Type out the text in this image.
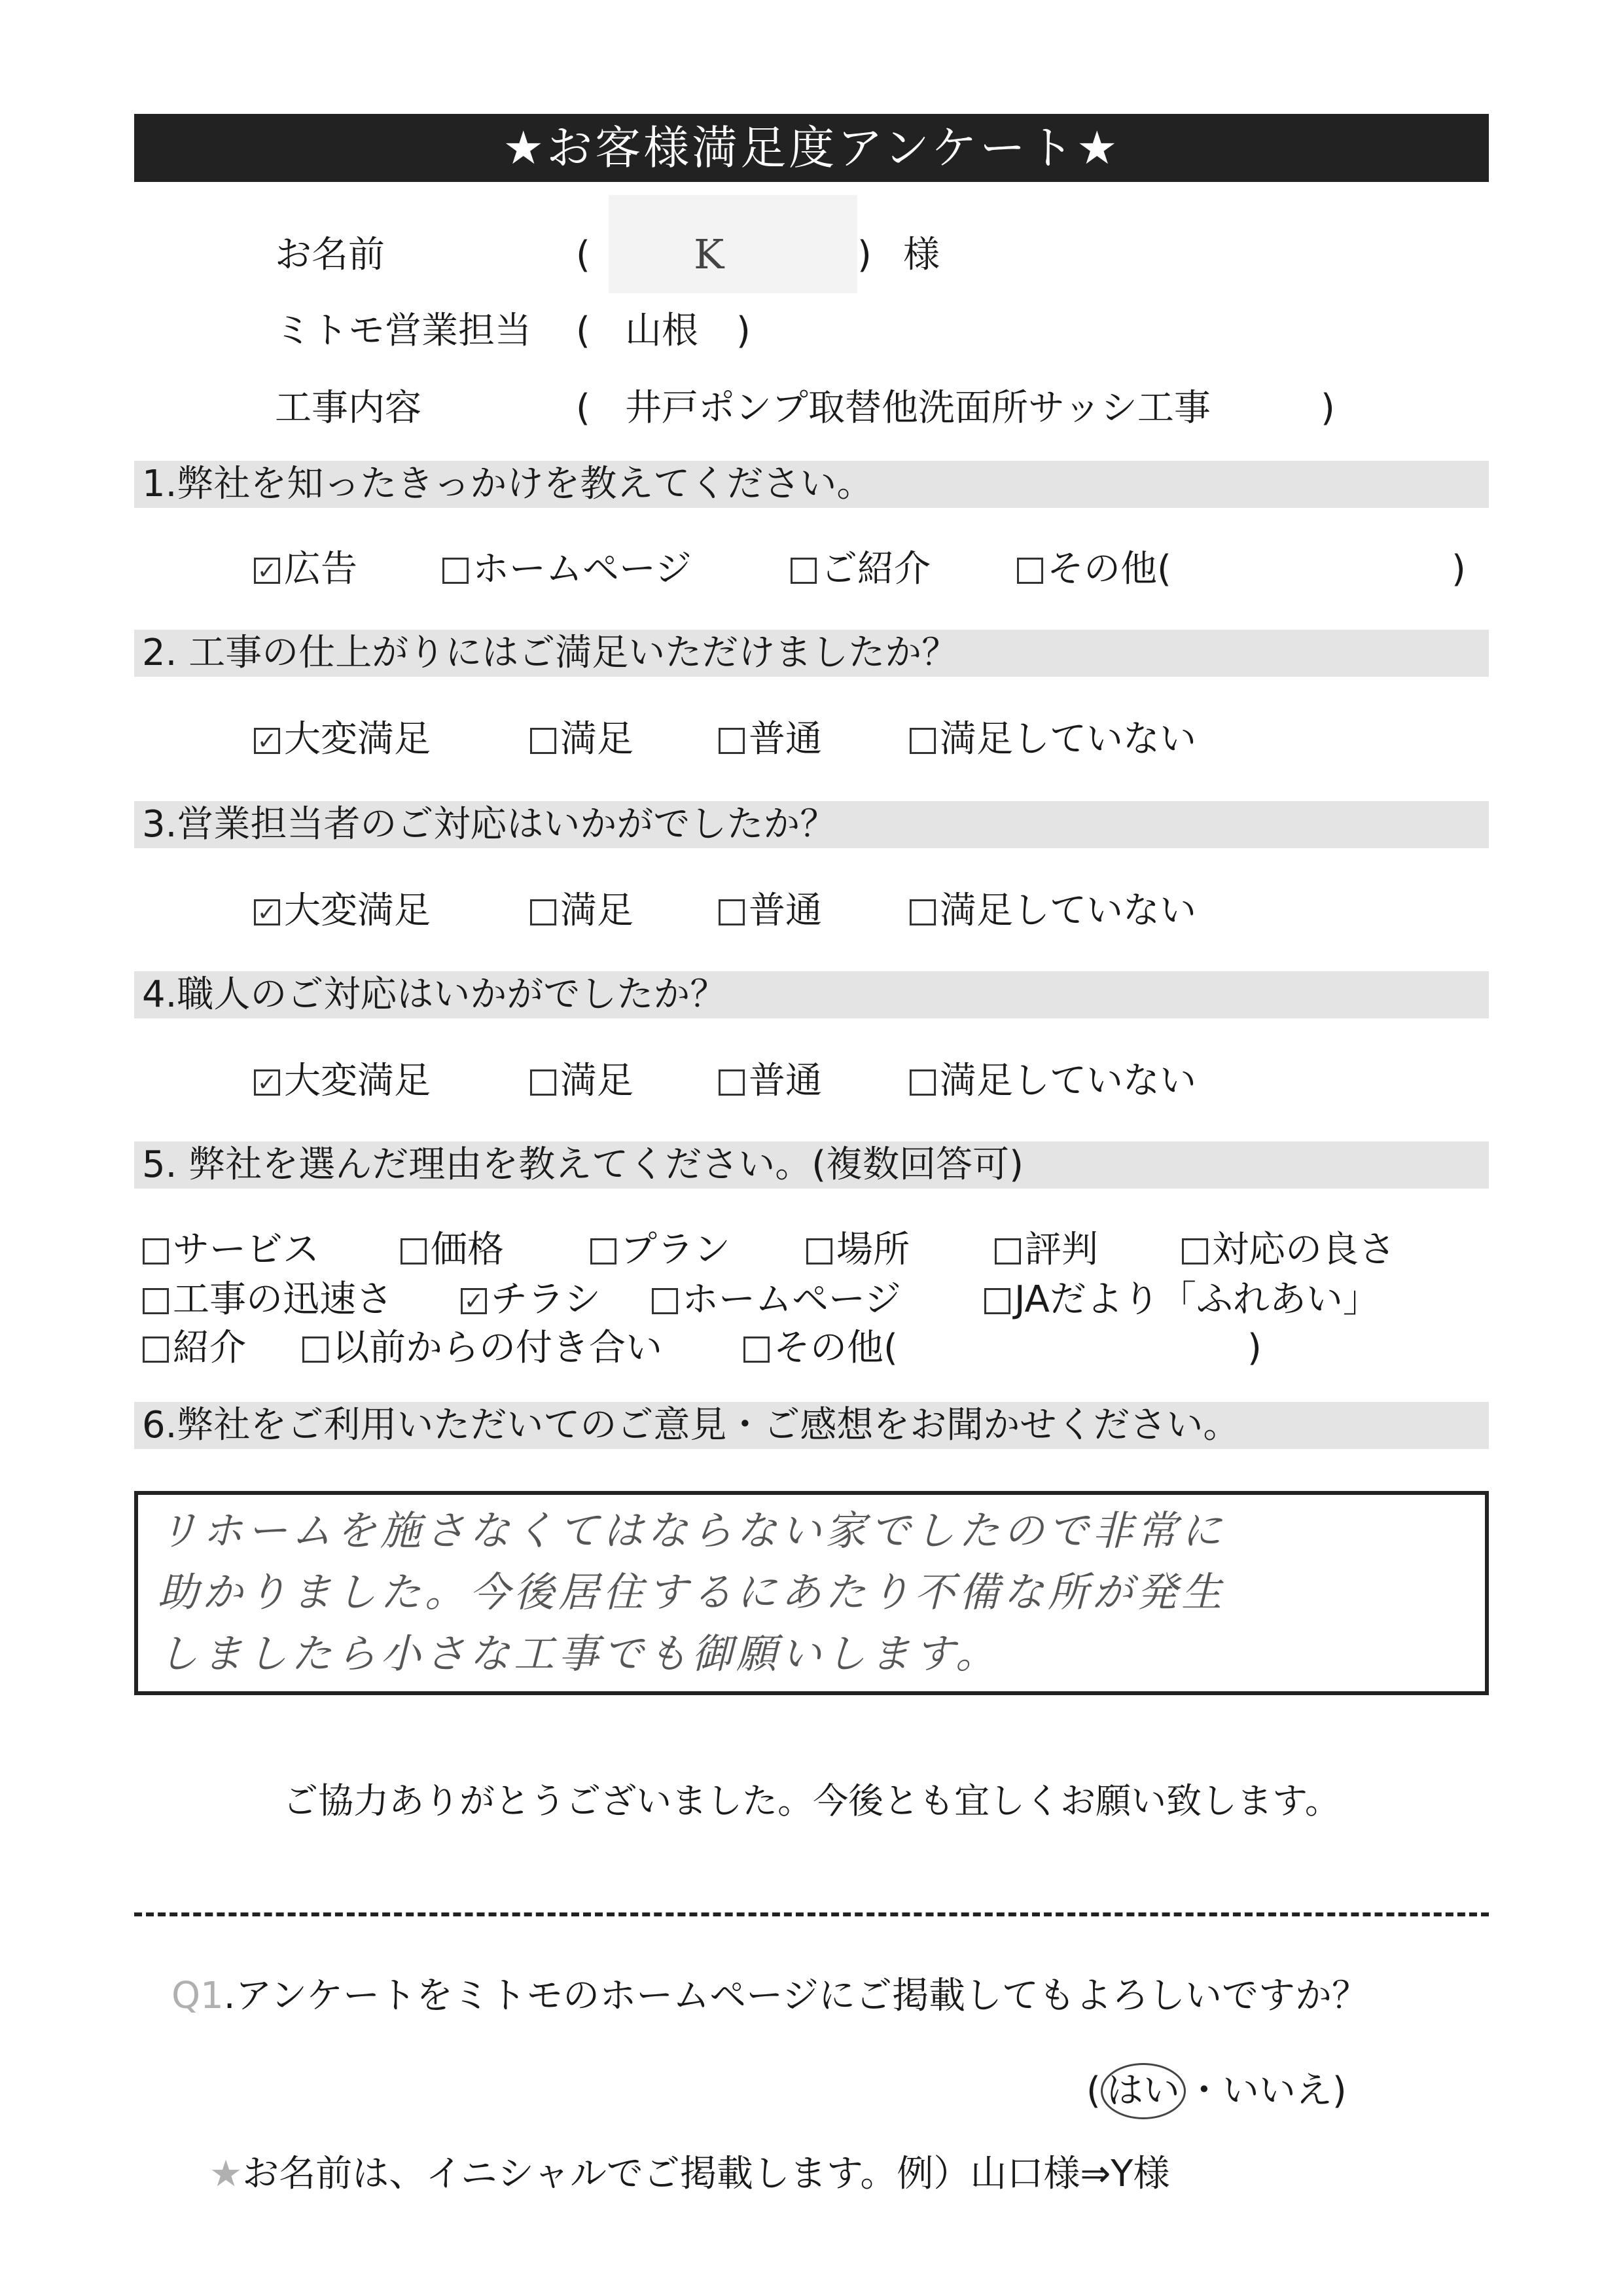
★お客様満足度アンケート★
お名前	(	K	) 様
ミトモ営業担当 ( 山根 )
工事内容	( 井戸ポンプ取替他洗面所サッシ工事	)
1.弊社を知ったきっかけを教えてください。
✓広告	ホームページ	ご紹介	その他(	)
2. 工事の仕上がりにはご満足いただけましたか？
✓大変満足	満足	普通	満足していない
3.営業担当者のご対応はいかがでしたか？
✓大変満足	満足	普通	満足していない
4.職人のご対応はいかがでしたか？
✓大変満足	満足	普通	満足していない
5. 弊社を選んだ理由を教えてください。(複数回答可)
サービス	価格	プラン	場所	評判	対応の良さ
工事の迅速さ
✓	チラシ	ホームページ	JAだより「ふれあい」
紹介	以前からの付き合い	その他(	)
6.弊社をご利用いただいてのご意見・ご感想をお聞かせください。
リホームを施さなくてはならない家でしたので非常に
助かりました。今後居住するにあたり不備な所が発生
しましたら小さな工事でも御願いします。
ご協力ありがとうございました。今後とも宜しくお願い致します。
Q1.アンケートをミトモのホームページにご掲載してもよろしいですか？
( はい ・いいえ)
★お名前は、イニシャルでご掲載します。例）山口様⇒Y様
